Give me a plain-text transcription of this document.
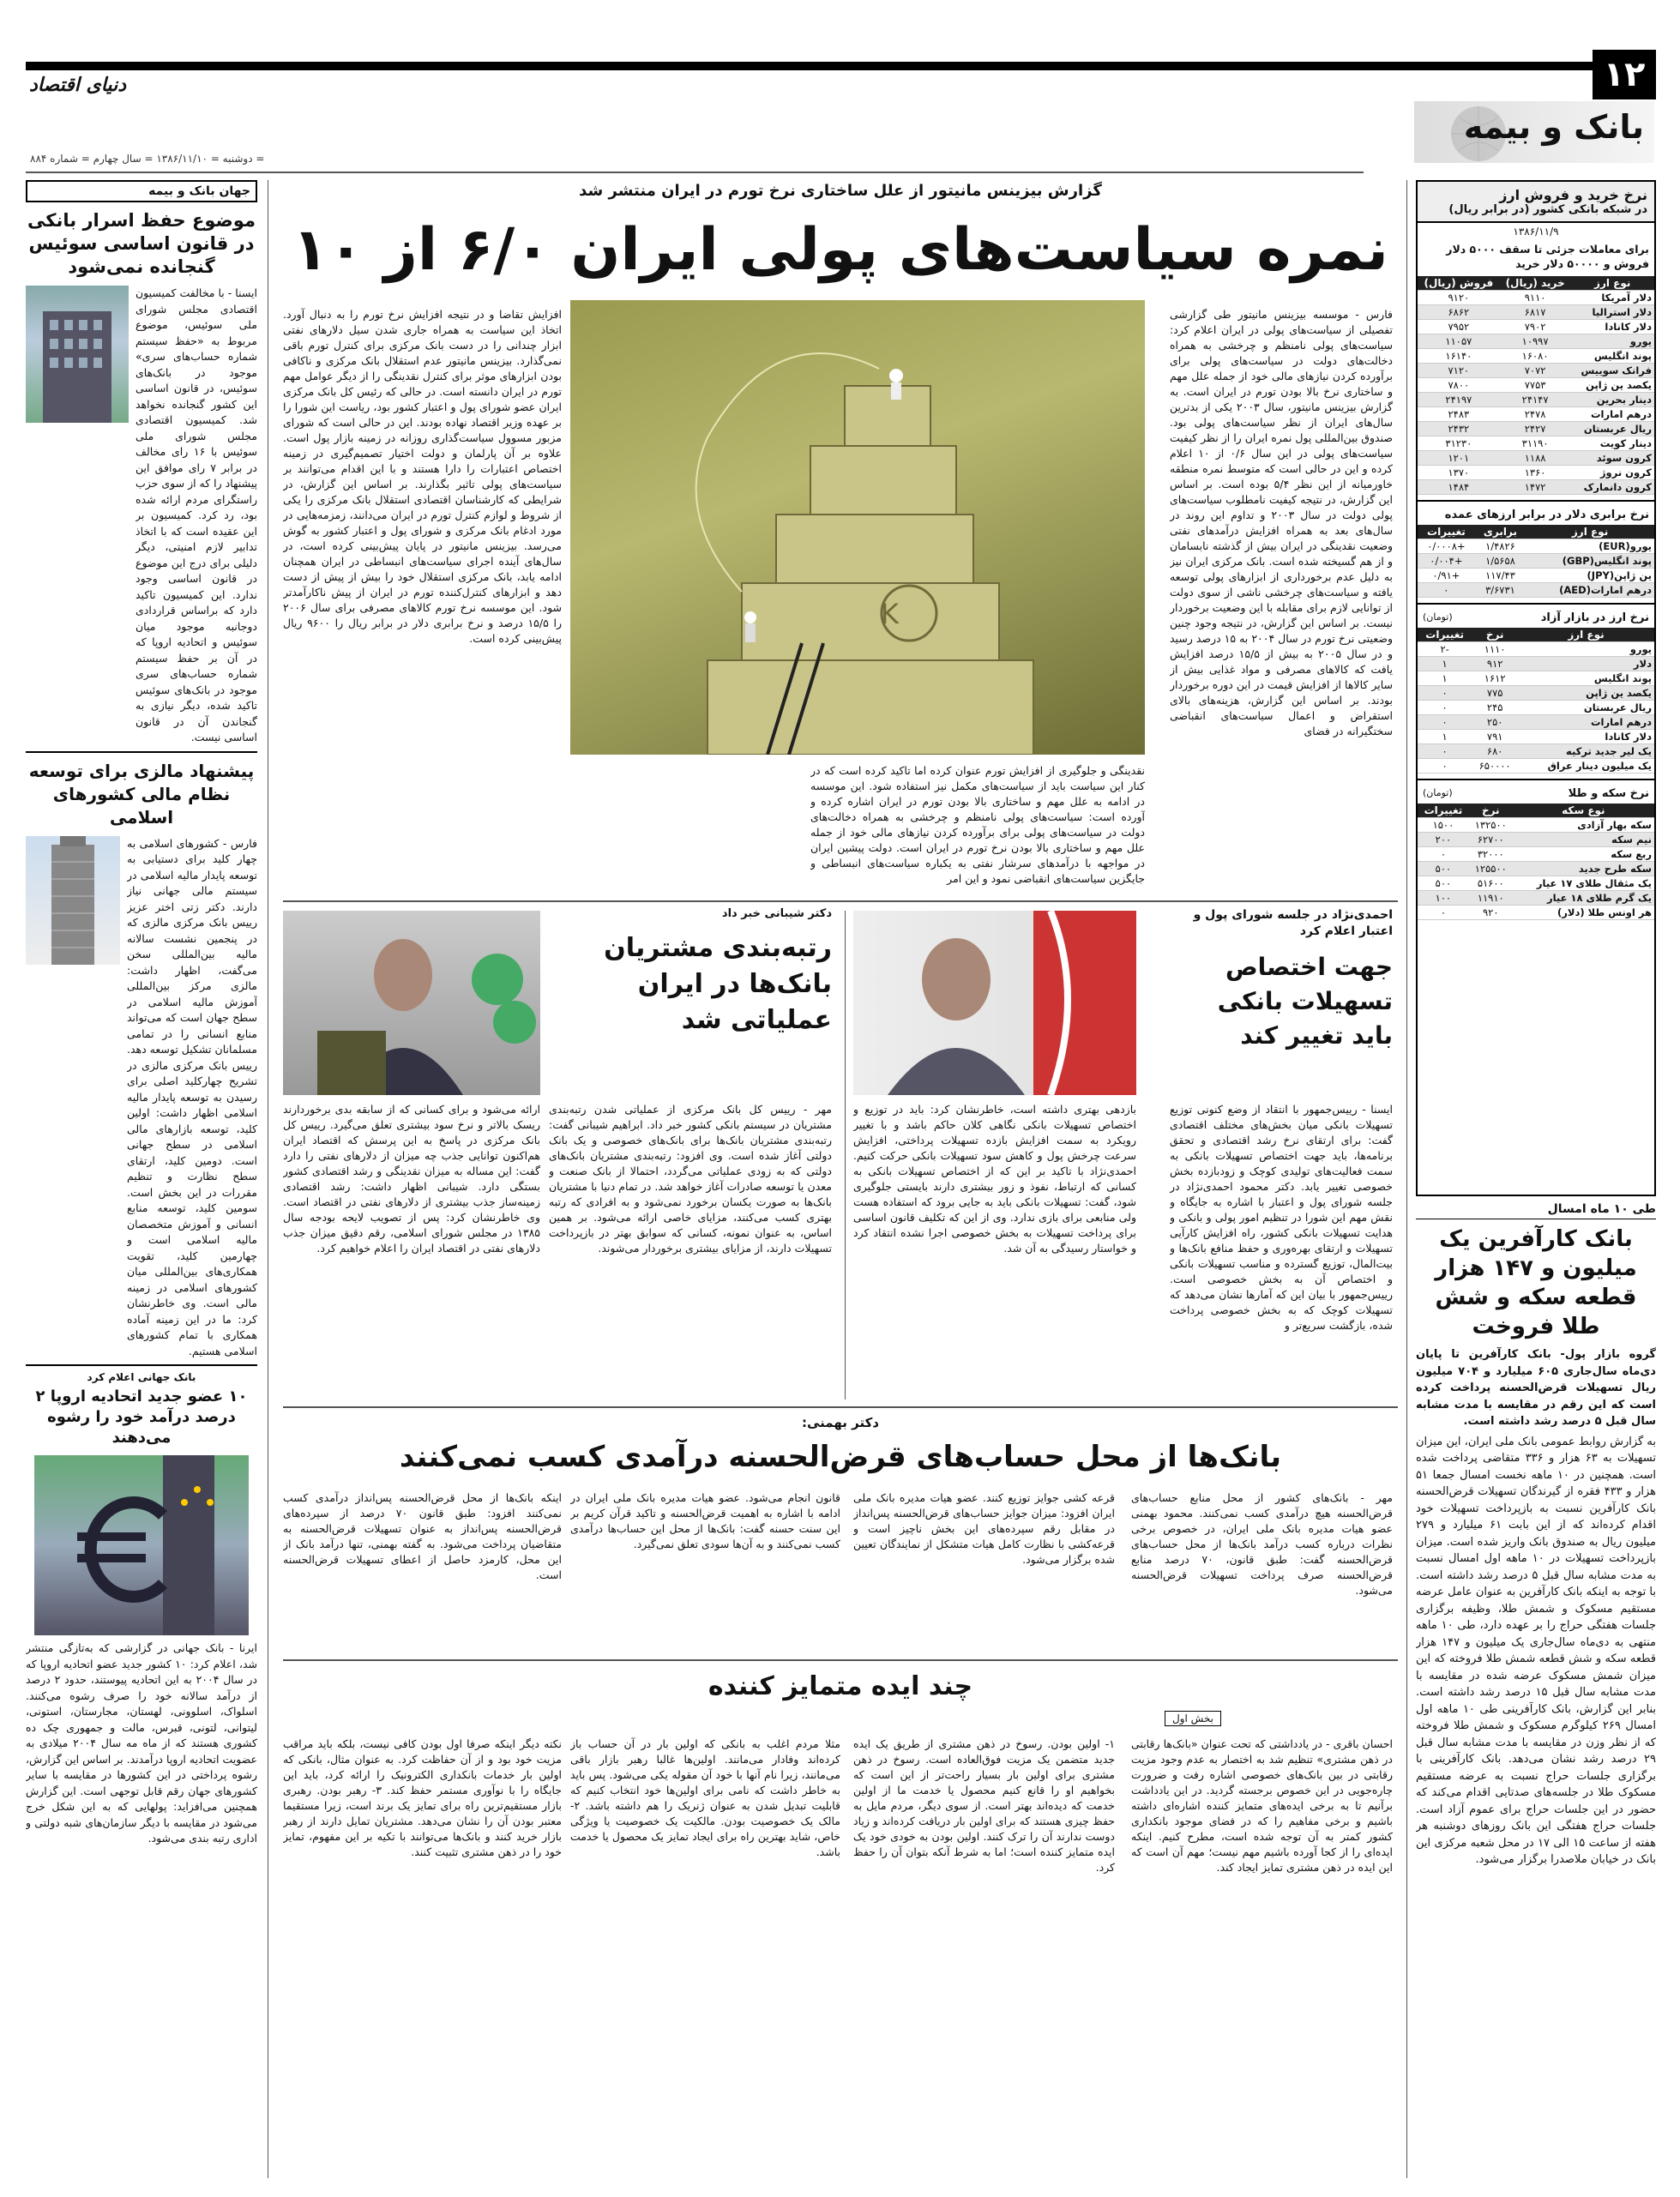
۱۲
دنیای اقتصاد
بانک و بیمه
= دوشنبه = ۱۳۸۶/۱۱/۱۰ = سال چهارم = شماره ۸۸۴
نرخ خرید و فروش ارز
در شبکه بانکی کشور (در برابر ریال)
۱۳۸۶/۱۱/۹
برای معاملات جزئی تا سقف ۵۰۰۰ دلار فروش و ۵۰۰۰۰ دلار خرید
نوع ارز	خرید (ریال)	فروش (ریال)
دلار آمریکا	۹۱۱۰	۹۱۲۰
دلار استرالیا	۶۸۱۷	۶۸۶۲
دلار کانادا	۷۹۰۲	۷۹۵۲
یورو	۱۰۹۹۷	۱۱۰۵۷
پوند انگلیس	۱۶۰۸۰	۱۶۱۴۰
فرانک سوییس	۷۰۷۲	۷۱۲۰
یکصد ین ژاپن	۷۷۵۳	۷۸۰۰
دینار بحرین	۲۴۱۴۷	۲۴۱۹۷
درهم امارات	۲۴۷۸	۲۴۸۳
ریال عربستان	۲۴۲۷	۲۴۳۲
دینار کویت	۳۱۱۹۰	۳۱۲۳۰
کرون سوئد	۱۱۸۸	۱۲۰۱
کرون نروژ	۱۳۶۰	۱۳۷۰
کرون دانمارک	۱۴۷۲	۱۴۸۴
نرخ برابری دلار در برابر ارزهای عمده
نوع ارز	برابری	تغییرات
یورو(EUR)	۱/۴۸۲۶	+۰/۰۰۰۸
پوند انگلیس(GBP)	۱/۵۶۵۸	+۰/۰۰۴
ین ژاپن(JPY)	۱۱۷/۴۳	+۰/۹۱
درهم امارات(AED)	۳/۶۷۳۱	۰
نرخ ارز در بازار آزاد
(تومان)
نوع ارز	نرخ	تغییرات
یورو	۱۱۱۰	-۲
دلار	۹۱۲	۱
پوند انگلیس	۱۶۱۲	۱
یکصد ین ژاپن	۷۷۵	۰
ریال عربستان	۲۴۵	۰
درهم امارات	۲۵۰	۰
دلار کانادا	۷۹۱	۱
یک لیر جدید ترکیه	۶۸۰	۰
یک میلیون دینار عراق	۶۵۰۰۰۰	۰
نرخ سکه و طلا
(تومان)
نوع سکه	نرخ	تغییرات
سکه بهار آزادی	۱۳۲۵۰۰	۱۵۰۰
نیم سکه	۶۲۷۰۰	۲۰۰
ربع سکه	۳۲۰۰۰	۰
سکه طرح جدید	۱۲۵۵۰۰	۵۰۰
یک مثقال طلای ۱۷ عیار	۵۱۶۰۰	۵۰۰
یک گرم طلای ۱۸ عیار	۱۱۹۱۰	۱۰۰
هر اونس طلا (دلار)	۹۲۰	۰
طی ۱۰ ماه امسال
بانک کارآفرین یک میلیون و ۱۴۷ هزار قطعه سکه و شش طلا فروخت
گروه بازار پول- بانک کارآفرین تا پایان دی‌ماه سال‌جاری ۶۰۵ میلیارد و ۷۰۴ میلیون ریال تسهیلات قرض‌الحسنه پرداخت کرده است که این رقم در مقایسه با مدت مشابه سال قبل ۵ درصد رشد داشته است.
به گزارش روابط عمومی بانک ملی ایران، این میزان تسهیلات به ۶۳ هزار و ۳۳۶ متقاضی پرداخت شده است. همچنین در ۱۰ ماهه نخست امسال جمعا ۵۱ هزار و ۴۳۳ فقره از گیرندگان تسهیلات قرض‌الحسنه بانک کارآفرین نسبت به بازپرداخت تسهیلات خود اقدام کرده‌اند که از این بابت ۶۱ میلیارد و ۲۷۹ میلیون ریال به صندوق بانک واریز شده است. میزان بازپرداخت تسهیلات در ۱۰ ماهه اول امسال نسبت به مدت مشابه سال قبل ۵ درصد رشد داشته است. با توجه به اینکه بانک کارآفرین به عنوان عامل عرضه مستقیم مسکوک و شمش طلا، وظیفه برگزاری جلسات هفتگی حراج را بر عهده دارد، طی ۱۰ ماهه منتهی به دی‌ماه سال‌جاری یک میلیون و ۱۴۷ هزار قطعه سکه و شش قطعه شمش طلا فروخته که این میزان شمش مسکوک عرضه شده در مقایسه با مدت مشابه سال قبل ۱۵ درصد رشد داشته است. بنابر این گزارش، بانک کارآفرینی طی ۱۰ ماهه اول امسال ۲۶۹ کیلوگرم مسکوک و شمش طلا فروخته که از نظر وزن در مقایسه با مدت مشابه سال قبل ۲۹ درصد رشد نشان می‌دهد. بانک کارآفرینی با برگزاری جلسات حراج نسبت به عرضه مستقیم مسکوک طلا در جلسه‌های صدتایی اقدام می‌کند که حضور در این جلسات حراج برای عموم آزاد است. جلسات حراج هفتگی این بانک روزهای دوشنبه هر هفته از ساعت ۱۵ الی ۱۷ در محل شعبه مرکزی این بانک در خیابان ملاصدرا برگزار می‌شود.
جهان بانک و بیمه
موضوع حفظ اسرار بانکی در قانون اساسی سوئیس گنجانده نمی‌شود
ایسنا - با مخالفت کمیسیون اقتصادی مجلس شورای ملی سوئیس، موضوع مربوط به «حفظ سیستم شماره حساب‌های سری» موجود در بانک‌های سوئیس، در قانون اساسی این کشور گنجانده نخواهد شد. کمیسیون اقتصادی مجلس شورای ملی سوئیس با ۱۶ رای مخالف در برابر ۷ رای موافق این پیشنهاد را که از سوی حزب راستگرای مردم ارائه شده بود، رد کرد. کمیسیون بر این عقیده است که با اتخاذ تدابیر لازم امنیتی، دیگر دلیلی برای درج این موضوع در قانون اساسی وجود ندارد. این کمیسیون تاکید دارد که براساس قراردادی دوجانبه موجود میان سوئیس و اتحادیه اروپا که در آن بر حفظ سیستم شماره حساب‌های سری موجود در بانک‌های سوئیس تاکید شده، دیگر نیازی به گنجاندن آن در قانون اساسی نیست.
پیشنهاد مالزی برای توسعه نظام مالی کشورهای اسلامی
فارس - کشورهای اسلامی به چهار کلید برای دستیابی به توسعه پایدار مالیه اسلامی در سیستم مالی جهانی نیاز دارند. دکتر زتی اختر عزیز رییس بانک مرکزی مالزی که در پنجمین نشست سالانه مالیه بین‌المللی سخن می‌گفت، اظهار داشت: مالزی مرکز بین‌المللی آموزش مالیه اسلامی در سطح جهان است که می‌تواند منابع انسانی را در تمامی مسلمانان تشکیل توسعه دهد. رییس بانک مرکزی مالزی در تشریح چهارکلید اصلی برای رسیدن به توسعه پایدار مالیه اسلامی اظهار داشت: اولین کلید، توسعه بازارهای مالی اسلامی در سطح جهانی است. دومین کلید، ارتقای سطح نظارت و تنظیم مقررات در این بخش است. سومین کلید، توسعه منابع انسانی و آموزش متخصصان مالیه اسلامی است و چهارمین کلید، تقویت همکاری‌های بین‌المللی میان کشورهای اسلامی در زمینه مالی است. وی خاطرنشان کرد: ما در این زمینه آماده همکاری با تمام کشورهای اسلامی هستیم.
بانک جهانی اعلام کرد
۱۰ عضو جدید اتحادیه اروپا ۲ درصد درآمد خود را رشوه می‌دهند
ایرنا - بانک جهانی در گزارشی که به‌تازگی منتشر شد، اعلام کرد: ۱۰ کشور جدید عضو اتحادیه اروپا که در سال ۲۰۰۴ به این اتحادیه پیوستند، حدود ۲ درصد از درآمد سالانه خود را صرف رشوه می‌کنند. اسلواک، اسلوونی، لهستان، مجارستان، استونی، لیتوانی، لتونی، قبرس، مالت و جمهوری چک ده کشوری هستند که از ماه مه سال ۲۰۰۴ میلادی به عضویت اتحادیه اروپا درآمدند. بر اساس این گزارش، رشوه پرداختی در این کشورها در مقایسه با سایر کشورهای جهان رقم قابل توجهی است. این گزارش همچنین می‌افزاید: پولهایی که به این شکل خرج می‌شود در مقایسه با دیگر سازمان‌های شبه دولتی و اداری رتبه بندی می‌شود.
گزارش بیزینس مانیتور از علل ساختاری نرخ تورم در ایران منتشر شد
نمره سیاست‌های پولی ایران ۶/۰ از ۱۰
فارس - موسسه بیزینس مانیتور طی گزارشی تفصیلی از سیاست‌های پولی در ایران اعلام کرد: سیاست‌های پولی نامنظم و چرخشی به همراه دخالت‌های دولت در سیاست‌های پولی برای برآورده کردن نیازهای مالی خود از جمله علل مهم و ساختاری نرخ بالا بودن تورم در ایران است. به گزارش بیزینس مانیتور، سال ۲۰۰۳ یکی از بدترین سال‌های ایران از نظر سیاست‌های پولی بود. صندوق بین‌المللی پول نمره ایران را از نظر کیفیت سیاست‌های پولی در این سال ۰/۶ از ۱۰ اعلام کرده و این در حالی است که متوسط نمره منطقه خاورمیانه از این نظر ۵/۴ بوده است. بر اساس این گزارش، در نتیجه کیفیت نامطلوب سیاست‌های پولی دولت در سال ۲۰۰۳ و تداوم این روند در سال‌های بعد به همراه افزایش درآمدهای نفتی وضعیت نقدینگی در ایران بیش از گذشته نابسامان و از هم گسیخته شده است. بانک مرکزی ایران نیز به دلیل عدم برخورداری از ابزارهای پولی توسعه یافته و سیاست‌های چرخشی ناشی از سوی دولت از توانایی لازم برای مقابله با این وضعیت برخوردار نیست. بر اساس این گزارش، در نتیجه وجود چنین وضعیتی نرخ تورم در سال ۲۰۰۴ به ۱۵ درصد رسید و در سال ۲۰۰۵ به بیش از ۱۵/۵ درصد افزایش یافت که کالاهای مصرفی و مواد غذایی بیش از سایر کالاها از افزایش قیمت در این دوره برخوردار بودند. بر اساس این گزارش، هزینه‌های بالای استقراض و اعمال سیاست‌های انقباضی سختگیرانه در فضای
K
نقدینگی و جلوگیری از افزایش تورم عنوان کرده اما تاکید کرده است که در کنار این سیاست باید از سیاست‌های مکمل نیز استفاده شود. این موسسه در ادامه به علل مهم و ساختاری بالا بودن تورم در ایران اشاره کرده و آورده است: سیاست‌های پولی نامنظم و چرخشی به همراه دخالت‌های دولت در سیاست‌های پولی برای برآورده کردن نیازهای مالی خود از جمله علل مهم و ساختاری بالا بودن نرخ تورم در ایران است. دولت پیشین ایران در مواجهه با درآمدهای سرشار نفتی به یکباره سیاست‌های انبساطی و جایگزین سیاست‌های انقباضی نمود و این امر
افزایش تقاضا و در نتیجه افزایش نرخ تورم را به دنبال آورد. اتخاذ این سیاست به همراه جاری شدن سیل دلارهای نفتی ابزار چندانی را در دست بانک مرکزی برای کنترل تورم باقی نمی‌گذارد. بیزینس مانیتور عدم استقلال بانک مرکزی و ناکافی بودن ابزارهای موثر برای کنترل نقدینگی را از دیگر عوامل مهم تورم در ایران دانسته است. در حالی که رئیس کل بانک مرکزی ایران عضو شورای پول و اعتبار کشور بود، ریاست این شورا را بر عهده وزیر اقتصاد نهاده بودند. این در حالی است که شورای مزبور مسوول سیاست‌گذاری روزانه در زمینه بازار پول است. علاوه بر آن پارلمان و دولت اختیار تصمیم‌گیری در زمینه اختصاص اعتبارات را دارا هستند و با این اقدام می‌توانند بر سیاست‌های پولی تاثیر بگذارند. بر اساس این گزارش، در شرایطی که کارشناسان اقتصادی استقلال بانک مرکزی را یکی از شروط و لوازم کنترل تورم در ایران می‌دانند، زمزمه‌هایی در مورد ادغام بانک مرکزی و شورای پول و اعتبار کشور به گوش می‌رسد. بیزینس مانیتور در پایان پیش‌بینی کرده است، در سال‌های آینده اجرای سیاست‌های انبساطی در ایران همچنان ادامه یابد، بانک مرکزی استقلال خود را بیش از پیش از دست دهد و ابزارهای کنترل‌کننده تورم در ایران از پیش ناکارآمدتر شود. این موسسه نرخ تورم کالاهای مصرفی برای سال ۲۰۰۶ را ۱۵/۵ درصد و نرخ برابری دلار در برابر ریال را ۹۶۰۰ ریال پیش‌بینی کرده است.
احمدی‌نژاد در جلسه شورای پول و اعتبار اعلام کرد
جهت اختصاص تسهیلات بانکی باید تغییر کند
ایسنا - رییس‌جمهور با انتقاد از وضع کنونی توزیع تسهیلات بانکی میان بخش‌های مختلف اقتصادی گفت: برای ارتقای نرخ رشد اقتصادی و تحقق برنامه‌ها، باید جهت اختصاص تسهیلات بانکی به سمت فعالیت‌های تولیدی کوچک و زودبازده بخش خصوصی تغییر یابد. دکتر محمود احمدی‌نژاد در جلسه شورای پول و اعتبار با اشاره به جایگاه و نقش مهم این شورا در تنظیم امور پولی و بانکی و هدایت تسهیلات بانکی کشور، راه افزایش کارآیی تسهیلات و ارتقای بهره‌وری و حفظ منافع بانک‌ها و بیت‌المال، توزیع گسترده و مناسب تسهیلات بانکی و اختصاص آن به بخش خصوصی است. رییس‌جمهور با بیان این که آمارها نشان می‌دهد که تسهیلات کوچک که به بخش خصوصی پرداخت شده، بازگشت سریع‌تر و
بازدهی بهتری داشته است، خاطرنشان کرد: باید در توزیع و اختصاص تسهیلات بانکی نگاهی کلان حاکم باشد و با تغییر رویکرد به سمت افزایش بازده تسهیلات پرداختی، افزایش سرعت چرخش پول و کاهش سود تسهیلات بانکی حرکت کنیم. احمدی‌نژاد با تاکید بر این که از اختصاص تسهیلات بانکی به کسانی که ارتباط، نفوذ و زور بیشتری دارند بایستی جلوگیری شود، گفت: تسهیلات بانکی باید به جایی برود که استفاده هست ولی منابعی برای بازی ندارد. وی از این که تکلیف قانون اساسی برای پرداخت تسهیلات به بخش خصوصی اجرا نشده انتقاد کرد و خواستار رسیدگی به آن شد.
دکتر شیبانی خبر داد
رتبه‌بندی مشتریان بانک‌ها در ایران عملیاتی شد
مهر - رییس کل بانک مرکزی از عملیاتی شدن رتبه‌بندی مشتریان در سیستم بانکی کشور خبر داد. ابراهیم شیبانی گفت: رتبه‌بندی مشتریان بانک‌ها برای بانک‌های خصوصی و یک بانک دولتی آغاز شده است. وی افزود: رتبه‌بندی مشتریان بانک‌های دولتی که به زودی عملیاتی می‌گردد، احتمالا از بانک صنعت و معدن یا توسعه صادرات آغاز خواهد شد. در تمام دنیا با مشتریان بانک‌ها به صورت یکسان برخورد نمی‌شود و به افرادی که رتبه بهتری کسب می‌کنند، مزایای خاصی ارائه می‌شود. بر همین اساس، به عنوان نمونه، کسانی که سوابق بهتر در بازپرداخت تسهیلات دارند، از مزایای بیشتری برخوردار می‌شوند.
ارائه می‌شود و برای کسانی که از سابقه بدی برخوردارند ریسک بالاتر و نرخ سود بیشتری تعلق می‌گیرد. رییس کل بانک مرکزی در پاسخ به این پرسش که اقتصاد ایران هم‌اکنون توانایی جذب چه میزان از دلارهای نفتی را دارد گفت: این مساله به میزان نقدینگی و رشد اقتصادی کشور بستگی دارد. شیبانی اظهار داشت: رشد اقتصادی زمینه‌ساز جذب بیشتری از دلارهای نفتی در اقتصاد است. وی خاطرنشان کرد: پس از تصویب لایحه بودجه سال ۱۳۸۵ در مجلس شورای اسلامی، رقم دقیق میزان جذب دلارهای نفتی در اقتصاد ایران را اعلام خواهیم کرد.
دکتر بهمنی:
بانک‌ها از محل حساب‌های قرض‌الحسنه درآمدی کسب نمی‌کنند
مهر - بانک‌های کشور از محل منابع حساب‌های قرض‌الحسنه هیچ درآمدی کسب نمی‌کنند. محمود بهمنی عضو هیات مدیره بانک ملی ایران، در خصوص برخی نظرات درباره کسب درآمد بانک‌ها از محل حساب‌های قرض‌الحسنه گفت: طبق قانون، ۷۰ درصد منابع قرض‌الحسنه صرف پرداخت تسهیلات قرض‌الحسنه می‌شود.
قرعه کشی جوایز توزیع کنند. عضو هیات مدیره بانک ملی ایران افزود: میزان جوایز حساب‌های قرض‌الحسنه پس‌انداز در مقابل رقم سپرده‌های این بخش ناچیز است و قرعه‌کشی با نظارت کامل هیات متشکل از نمایندگان تعیین شده برگزار می‌شود.
قانون انجام می‌شود. عضو هیات مدیره بانک ملی ایران در ادامه با اشاره به اهمیت قرض‌الحسنه و تاکید قرآن کریم بر این سنت حسنه گفت: بانک‌ها از محل این حساب‌ها درآمدی کسب نمی‌کنند و به آن‌ها سودی تعلق نمی‌گیرد.
اینکه بانک‌ها از محل قرض‌الحسنه پس‌انداز درآمدی کسب نمی‌کنند افزود: طبق قانون ۷۰ درصد از سپرده‌های قرض‌الحسنه پس‌انداز به عنوان تسهیلات قرض‌الحسنه به متقاضیان پرداخت می‌شود. به گفته بهمنی، تنها درآمد بانک از این محل، کارمزد حاصل از اعطای تسهیلات قرض‌الحسنه است.
چند ایده متمایز کننده
بخش اول
احسان باقری - در یادداشتی که تحت عنوان «بانک‌ها رقابتی در ذهن مشتری» تنظیم شد به اختصار به عدم وجود مزیت رقابتی در بین بانک‌های خصوصی اشاره رفت و ضرورت چاره‌جویی در این خصوص برجسته گردید. در این یادداشت برآنیم تا به برخی ایده‌های متمایز کننده اشاره‌ای داشته باشیم و برخی مفاهیم را که در فضای موجود بانکداری کشور کمتر به آن توجه شده است، مطرح کنیم. اینکه ایده‌ای را از کجا آورده باشیم مهم نیست؛ مهم آن است که این ایده در ذهن مشتری تمایز ایجاد کند.
۱- اولین بودن. رسوخ در ذهن مشتری از طریق یک ایده جدید متضمن یک مزیت فوق‌العاده است. رسوخ در ذهن مشتری برای اولین بار بسیار راحت‌تر از این است که بخواهیم او را قانع کنیم محصول یا خدمت ما از اولین خدمت که دیده‌اند بهتر است. از سوی دیگر، مردم مایل به حفظ چیزی هستند که برای اولین بار دریافت کرده‌اند و زیاد دوست ندارند آن را ترک کنند. اولین بودن به خودی خود یک ایده متمایز کننده است؛ اما به شرط آنکه بتوان آن را حفظ کرد.
مثلا مردم اغلب به بانکی که اولین بار در آن حساب باز کرده‌اند وفادار می‌مانند. اولین‌ها غالبا رهبر بازار باقی می‌مانند، زیرا نام آنها با خود آن مقوله یکی می‌شود. پس باید به خاطر داشت که نامی برای اولین‌ها خود انتخاب کنیم که قابلیت تبدیل شدن به عنوان ژنریک را هم داشته باشد. ۲- مالک یک خصوصیت بودن. مالکیت یک خصوصیت یا ویژگی خاص، شاید بهترین راه برای ایجاد تمایز یک محصول یا خدمت باشد.
نکته دیگر اینکه صرفا اول بودن کافی نیست، بلکه باید مراقب مزیت خود بود و از آن حفاظت کرد. به عنوان مثال، بانکی که اولین بار خدمات بانکداری الکترونیک را ارائه کرد، باید این جایگاه را با نوآوری مستمر حفظ کند. ۳- رهبر بودن. رهبری بازار مستقیم‌ترین راه برای تمایز یک برند است، زیرا مستقیما معتبر بودن آن را نشان می‌دهد. مشتریان تمایل دارند از رهبر بازار خرید کنند و بانک‌ها می‌توانند با تکیه بر این مفهوم، تمایز خود را در ذهن مشتری تثبیت کنند.
